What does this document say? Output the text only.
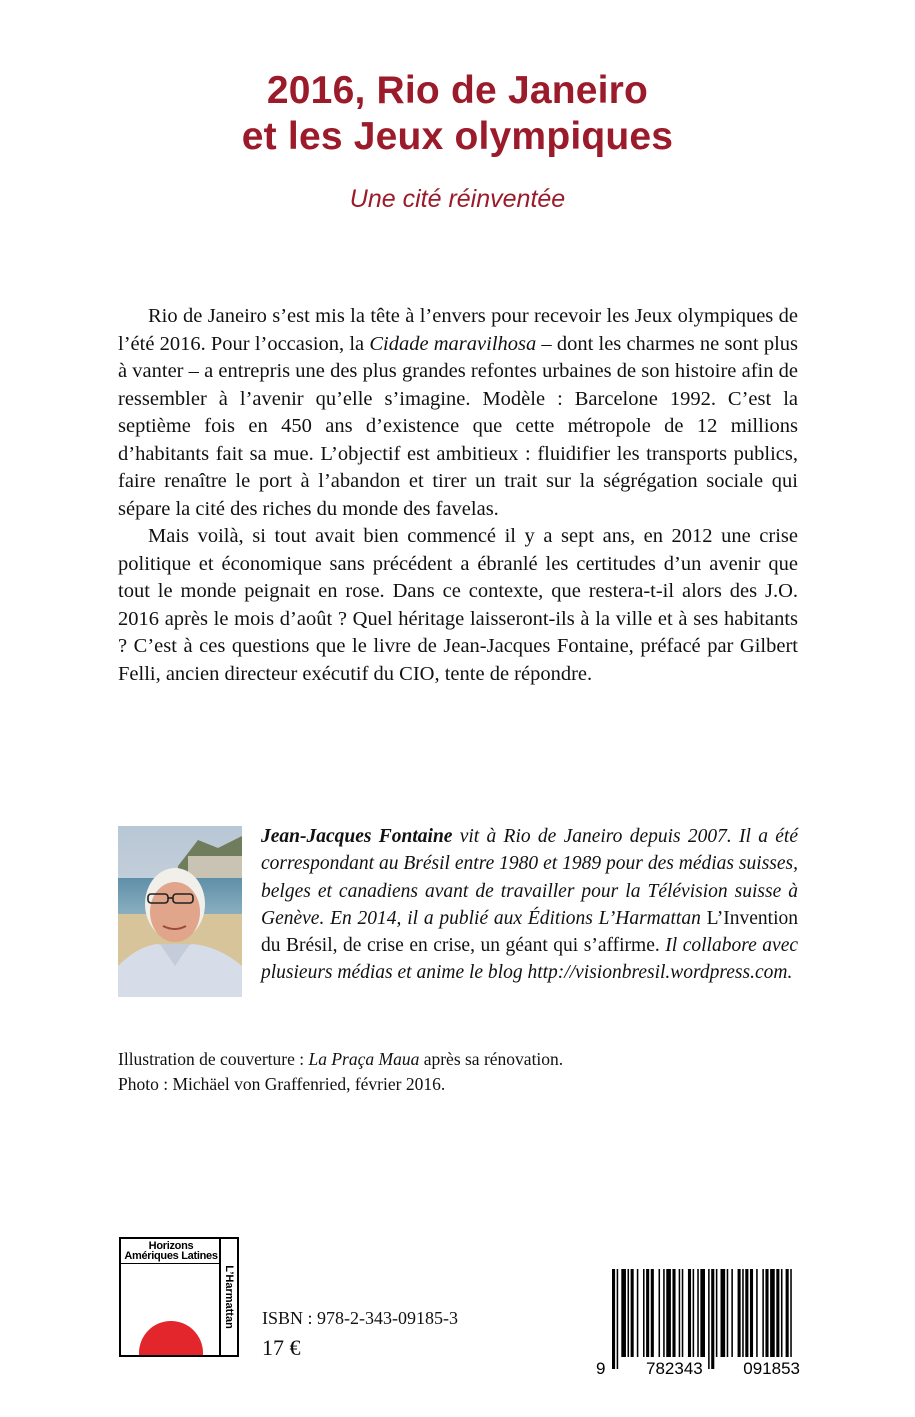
2016, Rio de Janeiro
et les Jeux olympiques
Une cité réinventée

Rio de Janeiro s’est mis la tête à l’envers pour recevoir les Jeux olympiques de l’été 2016. Pour l’occasion, la Cidade maravilhosa – dont les charmes ne sont plus à vanter – a entrepris une des plus grandes refontes urbaines de son histoire afin de ressembler à l’avenir qu’elle s’imagine. Modèle : Barcelone 1992. C’est la septième fois en 450 ans d’existence que cette métropole de 12 millions d’habitants fait sa mue. L’objectif est ambitieux : fluidifier les transports publics, faire renaître le port à l’abandon et tirer un trait sur la ségrégation sociale qui sépare la cité des riches du monde des favelas.

Mais voilà, si tout avait bien commencé il y a sept ans, en 2012 une crise politique et économique sans précédent a ébranlé les certitudes d’un avenir que tout le monde peignait en rose. Dans ce contexte, que restera-t-il alors des J.O. 2016 après le mois d’août ? Quel héritage laisseront-ils à la ville et à ses habitants ? C’est à ces questions que le livre de Jean-Jacques Fontaine, préfacé par Gilbert Felli, ancien directeur exécutif du CIO, tente de répondre.

Jean-Jacques Fontaine vit à Rio de Janeiro depuis 2007. Il a été correspondant au Brésil entre 1980 et 1989 pour des médias suisses, belges et canadiens avant de travailler pour la Télévision suisse à Genève. En 2014, il a publié aux Éditions L’Harmattan L’Invention du Brésil, de crise en crise, un géant qui s’affirme. Il collabore avec plusieurs médias et anime le blog http://visionbresil.wordpress.com.
Illustration de couverture : La Praça Maua après sa rénovation.
Photo : Michäel von Graffenried, février 2016.
Horizons
Amériques Latines
L’Harmattan ISBN : 978-2-343-09185-3
17 €
9 782343 091853
